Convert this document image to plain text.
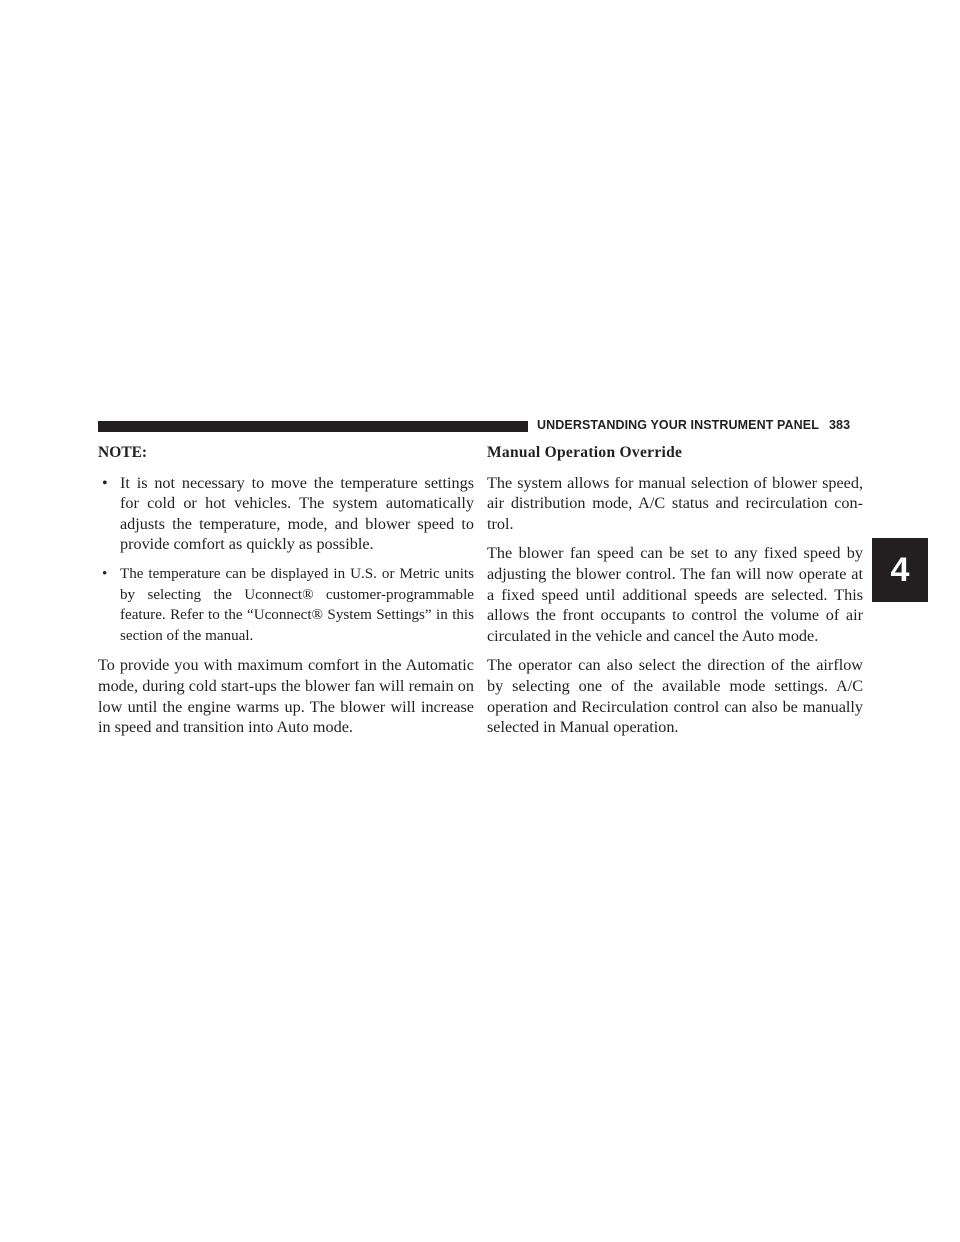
UNDERSTANDING YOUR INSTRUMENT PANEL 383
4
NOTE:
• It is not necessary to move the temperature settings for cold or hot vehicles. The system automatically adjusts the temperature, mode, and blower speed to provide comfort as quickly as possible.
• The temperature can be displayed in U.S. or Metric units by selecting the Uconnect® customer-programmable feature. Refer to the “Uconnect® System Settings” in this section of the manual.

To provide you with maximum comfort in the Automatic mode, during cold start-ups the blower fan will remain on low until the engine warms up. The blower will increase in speed and transition into Auto mode.

Manual Operation Override

The system allows for manual selection of blower speed, air distribution mode, A/C status and recirculation con- trol.

The blower fan speed can be set to any fixed speed by adjusting the blower control. The fan will now operate at a fixed speed until additional speeds are selected. This allows the front occupants to control the volume of air circulated in the vehicle and cancel the Auto mode.

The operator can also select the direction of the airflow by selecting one of the available mode settings. A/C operation and Recirculation control can also be manually selected in Manual operation.
